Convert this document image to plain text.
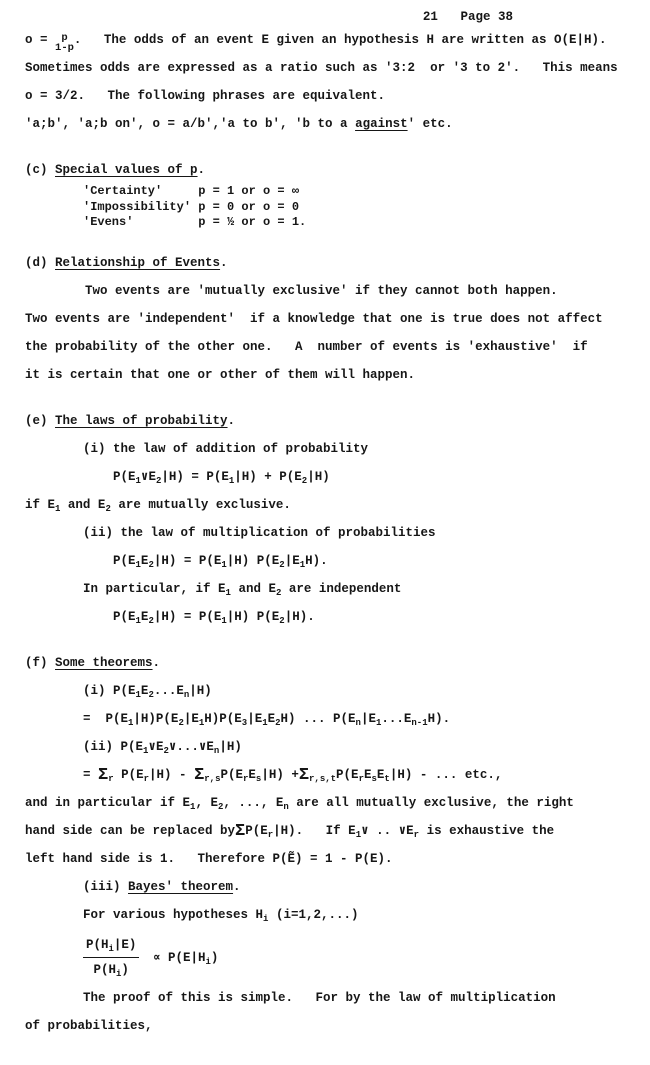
21 Page 38
o = p
1-p
.   The odds of an event E given an hypothesis H are written as O(E|H).
Sometimes odds are expressed as a ratio such as '3:2  or '3 to 2'.   This means
o = 3/2.   The following phrases are equivalent.
'a;b', 'a;b on', o = a/b','a to b', 'b to a against' etc.
(c) Special values of p.
'Certainty'     p = 1 or o = ∞
'Impossibility' p = 0 or o = 0
'Evens'         p = ½ or o = 1.
(d) Relationship of Events.
Two events are 'mutually exclusive' if they cannot both happen.
Two events are 'independent'  if a knowledge that one is true does not affect
the probability of the other one.   A  number of events is 'exhaustive'  if
it is certain that one or other of them will happen.
(e) The laws of probability.
(i) the law of addition of probability
$P(E_1\vee E_2|H) = P(E_1|H) + P(E_2|H)$
if $E_1$ and $E_2$ are mutually exclusive.
(ii) the law of multiplication of probabilities
$P(E_1E_2|H) = P(E_1|H)$ $P(E_2|E_1H)$.
In particular, if $E_1$ and $E_2$ are independent
$P(E_1E_2|H) = P(E_1|H)$ $P(E_2|H)$.
(f) Some theorems.
(i) $P(E_1E_2...E_n|H)$
=  $P(E_1|H)P(E_2|E_1H)P(E_3|E_1E_2H)$ ... $P(E_n|E_1...E_{n-1}H)$.
(ii) $P(E_1\vee E_2\vee...\vee E_n|H)$
= $\Sigma_r$ $P(E_r|H) - \Sigma_{r,s}P(E_rE_s|H) +\Sigma_{r,s,t}P(E_rE_sE_t|H)$ - ... etc.,
and in particular if $E_1$, $E_2$, ..., $E_n$ are all mutually exclusive, the right
hand side can be replaced $by\Sigma P(E_r|H)$.   If $E_1\vee$ .. $\vee E_r$ is exhaustive the
left hand side is 1.   Therefore P(Ẽ) = 1 - P(E).
(iii) Bayes' theorem.
For various hypotheses $H_i$ (i=1,2,...)
$\frac{P(H_i|E)}{P(H_i)} \propto P(E|H_i)$
The proof of this is simple.   For by the law of multiplication
of probabilities,
